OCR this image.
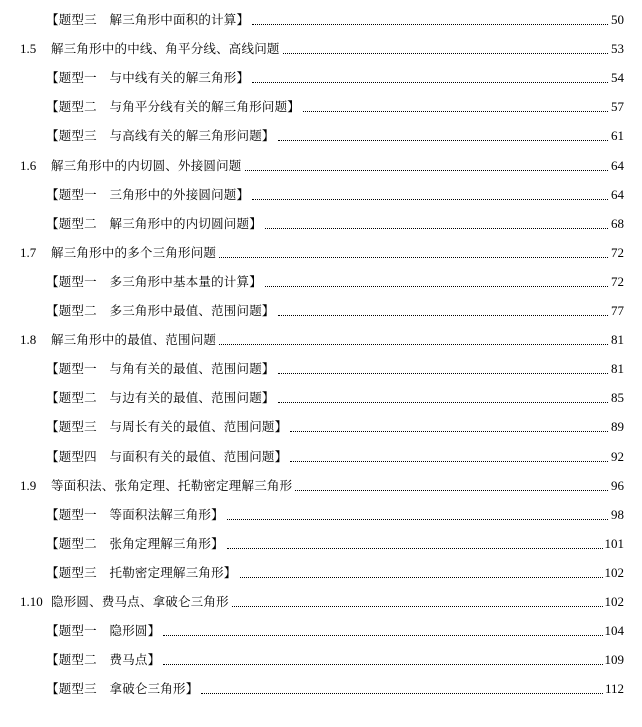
【题型三　解三角形中面积的计算】	50
1.5	解三角形中的中线、角平分线、高线问题	53
【题型一　与中线有关的解三角形】	54
【题型二　与角平分线有关的解三角形问题】	57
【题型三　与高线有关的解三角形问题】	61
1.6	解三角形中的内切圆、外接圆问题	64
【题型一　三角形中的外接圆问题】	64
【题型二　解三角形中的内切圆问题】	68
1.7	解三角形中的多个三角形问题	72
【题型一　多三角形中基本量的计算】	72
【题型二　多三角形中最值、范围问题】	77
1.8	解三角形中的最值、范围问题	81
【题型一　与角有关的最值、范围问题】	81
【题型二　与边有关的最值、范围问题】	85
【题型三　与周长有关的最值、范围问题】	89
【题型四　与面积有关的最值、范围问题】	92
1.9	等面积法、张角定理、托勒密定理解三角形	96
【题型一　等面积法解三角形】	98
【题型二　张角定理解三角形】	101
【题型三　托勒密定理解三角形】	102
1.10 隐形圆、费马点、拿破仑三角形	102
【题型一　隐形圆】	104
【题型二　费马点】	109
【题型三　拿破仑三角形】	112
